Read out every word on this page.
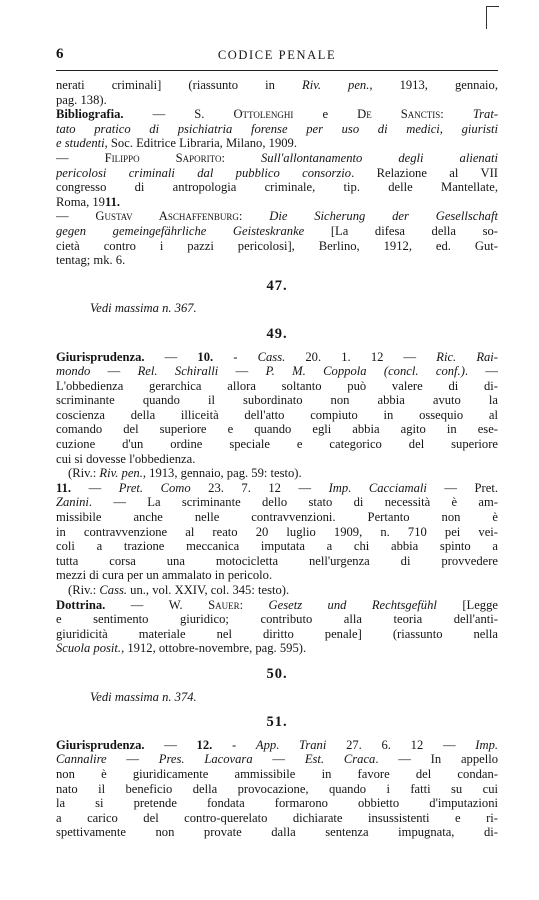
6	CODICE PENALE
nerati criminali] (riassunto in Riv. pen., 1913, gennaio,
pag. 138).
Bibliografia. — S. Ottolenghi e De Sanctis: Trat-
tato pratico di psichiatria forense per uso di medici, giuristi
e studenti, Soc. Editrice Libraria, Milano, 1909.
— Filippo Saporito: Sull'allontanamento degli alienati
pericolosi criminali dal pubblico consorzio. Relazione al VII
congresso di antropologia criminale, tip. delle Mantellate,
Roma, 1911.
— Gustav Aschaffenburg: Die Sicherung der Gesellschaft
gegen gemeingefährliche Geisteskranke [La difesa della so-
cietà contro i pazzi pericolosi], Berlino, 1912, ed. Gut-
tentag; mk. 6.
47.
Vedi massima n. 367.
49.
Giurisprudenza. — 10. - Cass. 20. 1. 12 — Ric. Rai-
mondo — Rel. Schiralli — P. M. Coppola (concl. conf.). —
L'obbedienza gerarchica allora soltanto può valere di di-
scriminante quando il subordinato non abbia avuto la
coscienza della illiceità dell'atto compiuto in ossequio al
comando del superiore e quando egli abbia agito in ese-
cuzione d'un ordine speciale e categorico del superiore
cui si dovesse l'obbedienza.
(Riv.: Riv. pen., 1913, gennaio, pag. 59: testo).
11. — Pret. Como 23. 7. 12 — Imp. Cacciamali — Pret.
Zanini. — La scriminante dello stato di necessità è am-
missibile anche nelle contravvenzioni. Pertanto non è
in contravvenzione al reato 20 luglio 1909, n. 710 pei vei-
coli a trazione meccanica imputata a chi abbia spinto a
tutta corsa una motocicletta nell'urgenza di provvedere
mezzi di cura per un ammalato in pericolo.
(Riv.: Cass. un., vol. XXIV, col. 345: testo).
Dottrina. — W. Sauer: Gesetz und Rechtsgefühl [Legge
e sentimento giuridico; contributo alla teoria dell'anti-
giuridicità materiale nel diritto penale] (riassunto nella
Scuola posit., 1912, ottobre-novembre, pag. 595).
50.
Vedi massima n. 374.
51.
Giurisprudenza. — 12. - App. Trani 27. 6. 12 — Imp.
Cannalire — Pres. Lacovara — Est. Craca. — In appello
non è giuridicamente ammissibile in favore del condan-
nato il beneficio della provocazione, quando i fatti su cui
la si pretende fondata formarono obbietto d'imputazioni
a carico del contro-querelato dichiarate insussistenti e ri-
spettivamente non provate dalla sentenza impugnata, di-
